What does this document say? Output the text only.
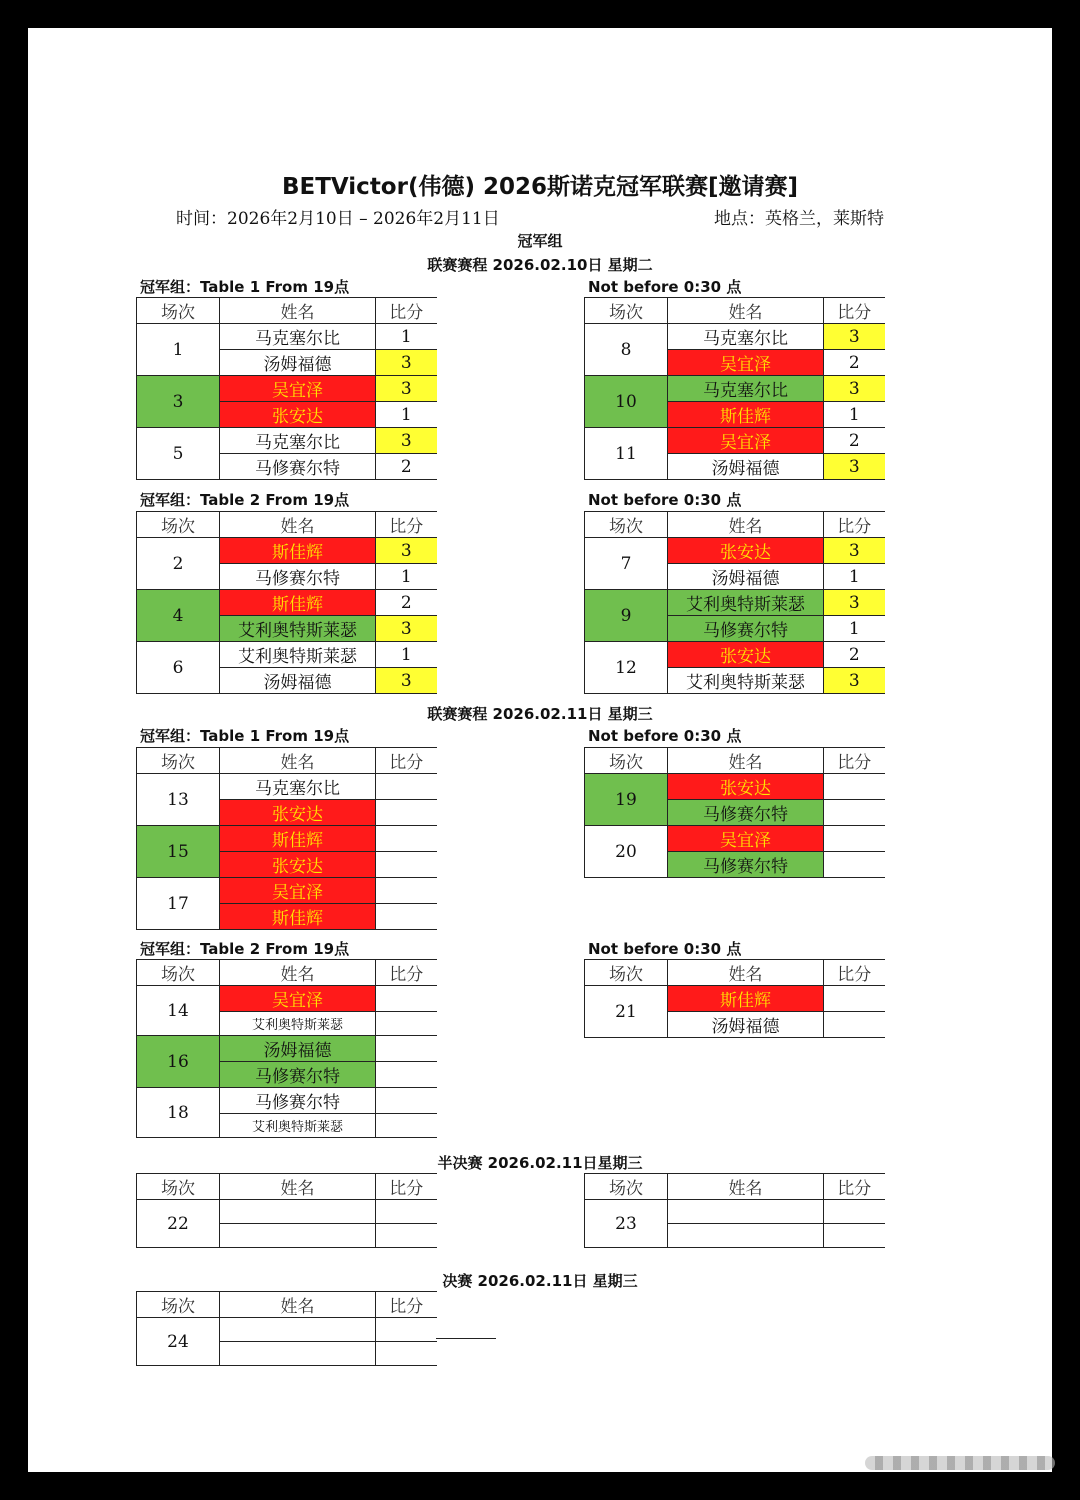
BETVictor(伟德) 2026斯诺克冠军联赛[邀请赛]
时间：2026年2月10日 – 2026年2月11日	地点：英格兰，莱斯特
冠军组
联赛赛程 2026.02.10日 星期二
冠军组：Table 1 From 19点	Not before 0:30 点
冠军组：Table 2 From 19点	Not before 0:30 点
场次	姓名	比分
1	马克塞尔比	1
	汤姆福德	3
3	吴宜泽	3
	张安达	1
5	马克塞尔比	3
	马修赛尔特	2
场次	姓名	比分
8	马克塞尔比	3
	吴宜泽	2
10	马克塞尔比	3
	斯佳辉	1
11	吴宜泽	2
	汤姆福德	3
场次	姓名	比分
2	斯佳辉	3
	马修赛尔特	1
4	斯佳辉	2
	艾利奥特斯莱瑟	3
6	艾利奥特斯莱瑟	1
	汤姆福德	3
场次	姓名	比分
7	张安达	3
	汤姆福德	1
9	艾利奥特斯莱瑟	3
	马修赛尔特	1
12	张安达	2
	艾利奥特斯莱瑟	3
联赛赛程 2026.02.11日 星期三
冠军组：Table 1 From 19点	Not before 0:30 点
场次	姓名	比分
13	马克塞尔比	
	张安达	
15	斯佳辉	
	张安达	
17	吴宜泽	
	斯佳辉	
场次	姓名	比分
19	张安达	
	马修赛尔特	
20	吴宜泽	
	马修赛尔特	
冠军组：Table 2 From 19点	Not before 0:30 点
场次	姓名	比分
14	吴宜泽	
	艾利奥特斯莱瑟	
16	汤姆福德	
	马修赛尔特	
18	马修赛尔特	
	艾利奥特斯莱瑟	
场次	姓名	比分
21	斯佳辉	
	汤姆福德	
半决赛 2026.02.11日星期三
场次	姓名	比分
22		

场次	姓名	比分
23		

决赛 2026.02.11日 星期三
场次	姓名	比分
24		
